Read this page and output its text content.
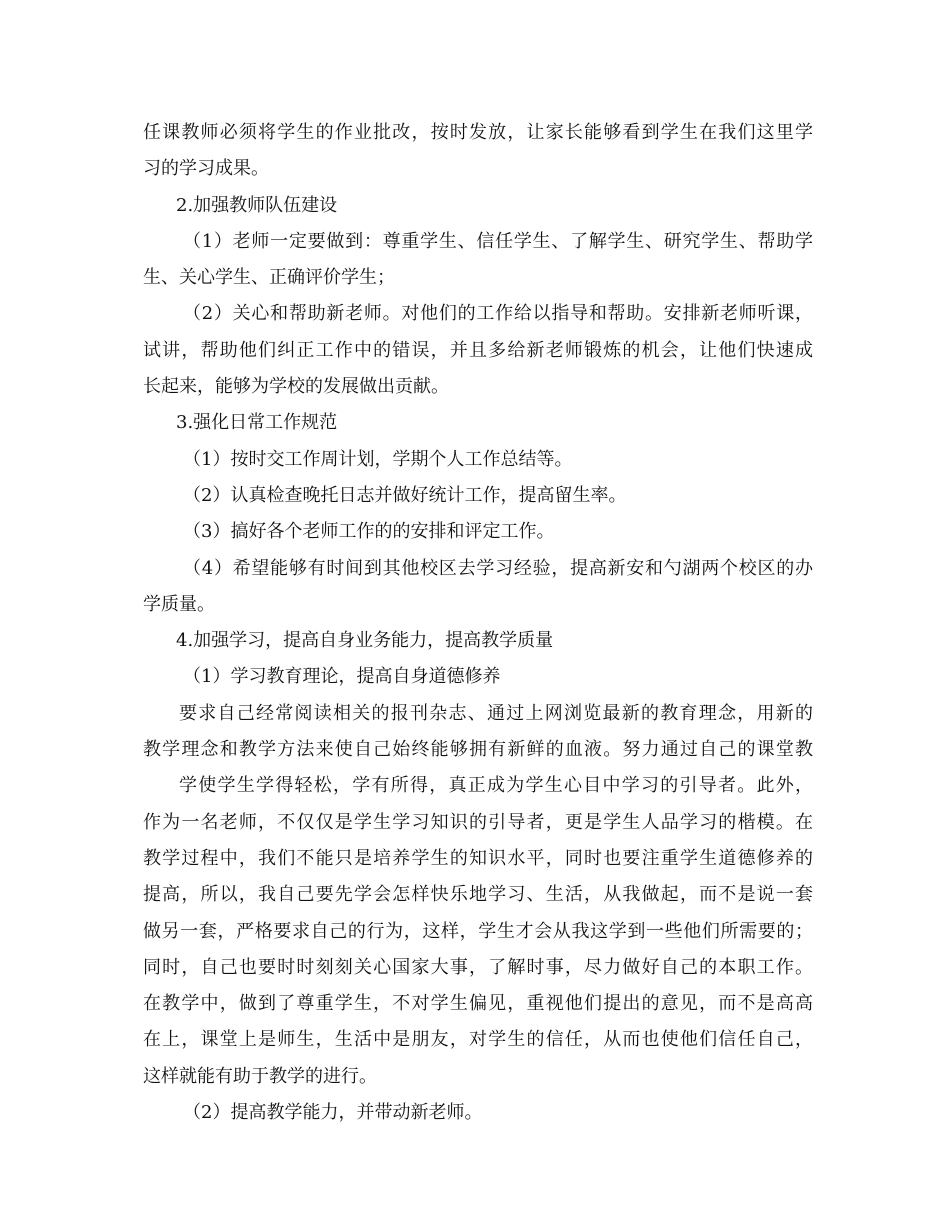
任课教师必须将学生的作业批改，按时发放，让家长能够看到学生在我们这里学
习的学习成果。
2.加强教师队伍建设
（1）老师一定要做到：尊重学生、信任学生、了解学生、研究学生、帮助学
生、关心学生、正确评价学生；
（2）关心和帮助新老师。对他们的工作给以指导和帮助。安排新老师听课，
试讲，帮助他们纠正工作中的错误，并且多给新老师锻炼的机会，让他们快速成
长起来，能够为学校的发展做出贡献。
3.强化日常工作规范
（1）按时交工作周计划，学期个人工作总结等。
（2）认真检查晚托日志并做好统计工作，提高留生率。
（3）搞好各个老师工作的的安排和评定工作。
（4）希望能够有时间到其他校区去学习经验，提高新安和勺湖两个校区的办
学质量。
4.加强学习，提高自身业务能力，提高教学质量
（1）学习教育理论，提高自身道德修养
要求自己经常阅读相关的报刊杂志、通过上网浏览最新的教育理念，用新的
教学理念和教学方法来使自己始终能够拥有新鲜的血液。努力通过自己的课堂教
学使学生学得轻松，学有所得，真正成为学生心目中学习的引导者。此外，
作为一名老师，不仅仅是学生学习知识的引导者，更是学生人品学习的楷模。在
教学过程中，我们不能只是培养学生的知识水平，同时也要注重学生道德修养的
提高，所以，我自己要先学会怎样快乐地学习、生活，从我做起，而不是说一套
做另一套，严格要求自己的行为，这样，学生才会从我这学到一些他们所需要的；
同时，自己也要时时刻刻关心国家大事，了解时事，尽力做好自己的本职工作。
在教学中，做到了尊重学生，不对学生偏见，重视他们提出的意见，而不是高高
在上，课堂上是师生，生活中是朋友，对学生的信任，从而也使他们信任自己，
这样就能有助于教学的进行。
（2）提高教学能力，并带动新老师。
